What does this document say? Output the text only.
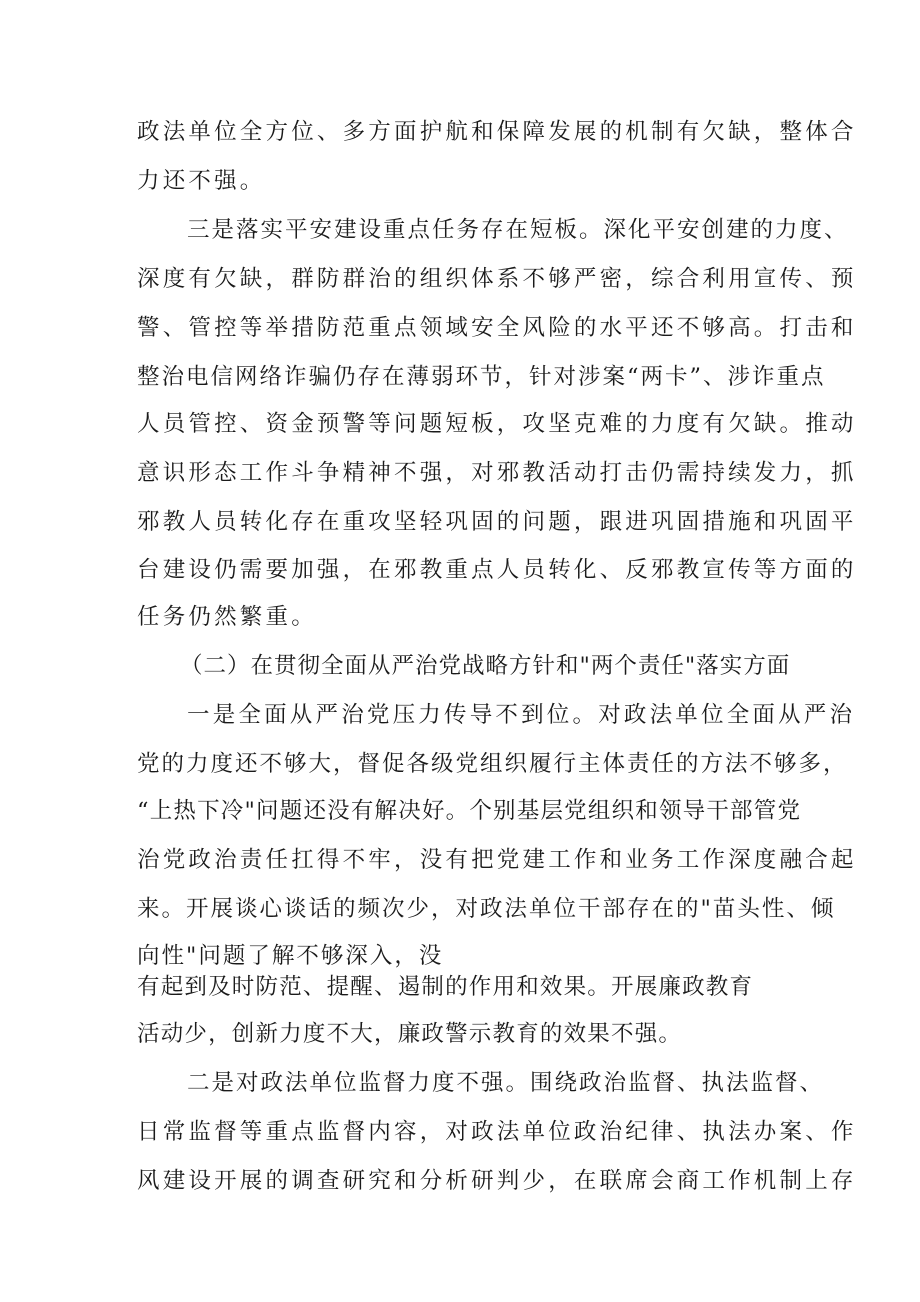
政法单位全方位、多方面护航和保障发展的机制有欠缺，整体合
力还不强。
三是落实平安建设重点任务存在短板。深化平安创建的力度、
深度有欠缺，群防群治的组织体系不够严密，综合利用宣传、预
警、管控等举措防范重点领域安全风险的水平还不够高。打击和
整治电信网络诈骗仍存在薄弱环节，针对涉案“两卡”、涉诈重点
人员管控、资金预警等问题短板，攻坚克难的力度有欠缺。推动
意识形态工作斗争精神不强，对邪教活动打击仍需持续发力，抓
邪教人员转化存在重攻坚轻巩固的问题，跟进巩固措施和巩固平
台建设仍需要加强，在邪教重点人员转化、反邪教宣传等方面的
任务仍然繁重。
（二）在贯彻全面从严治党战略方针和"两个责任"落实方面
一是全面从严治党压力传导不到位。对政法单位全面从严治
党的力度还不够大，督促各级党组织履行主体责任的方法不够多，
“上热下冷"问题还没有解决好。个别基层党组织和领导干部管党
治党政治责任扛得不牢，没有把党建工作和业务工作深度融合起
来。开展谈心谈话的频次少，对政法单位干部存在的"苗头性、倾
向性"问题了解不够深入，没
有起到及时防范、提醒、遏制的作用和效果。开展廉政教育
活动少，创新力度不大，廉政警示教育的效果不强。
二是对政法单位监督力度不强。围绕政治监督、执法监督、
日常监督等重点监督内容，对政法单位政治纪律、执法办案、作
风建设开展的调查研究和分析研判少，在联席会商工作机制上存
